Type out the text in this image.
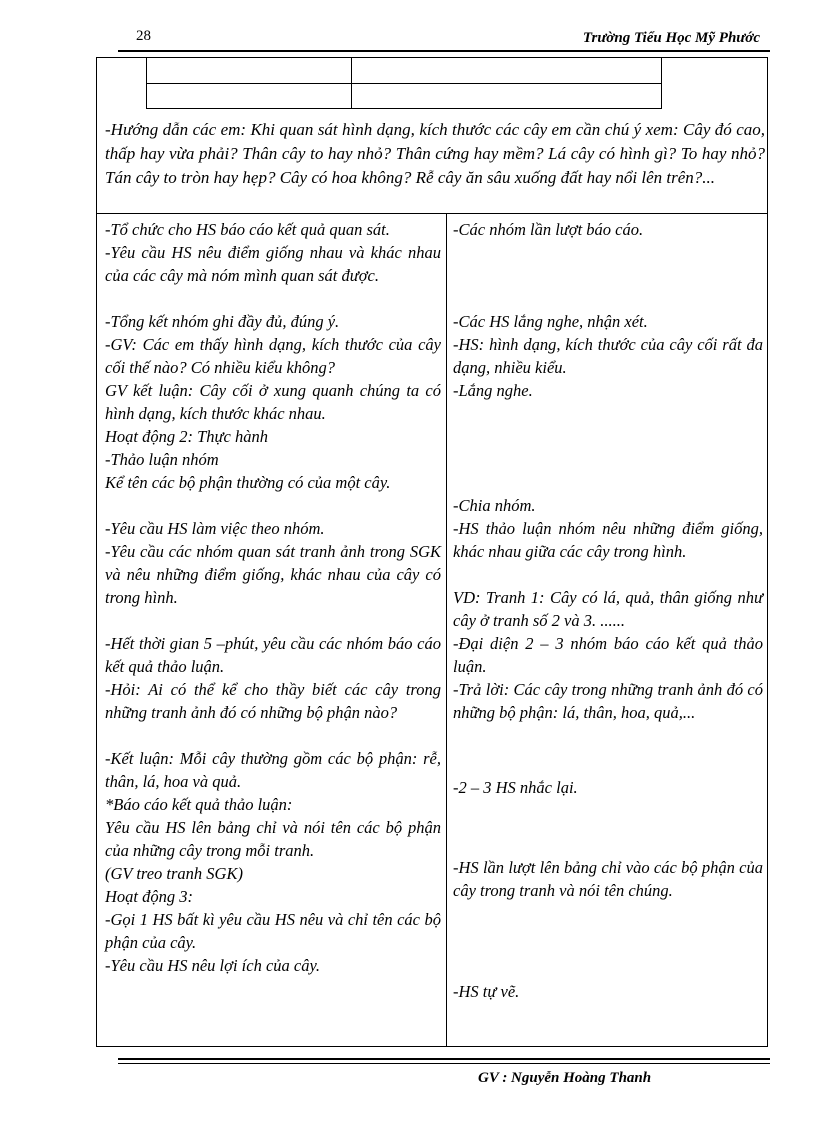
28	Trường Tiểu Học Mỹ Phước
-Hướng dẫn các em: Khi quan sát hình dạng, kích thước các cây em cần chú ý xem: Cây đó cao, thấp hay vừa phải? Thân cây to hay nhỏ? Thân cứng hay mềm? Lá cây có hình gì? To hay nhỏ? Tán cây to tròn hay hẹp? Cây có hoa không? Rễ cây ăn sâu xuống đất hay nổi lên trên?...
-Tổ chức cho HS báo cáo kết quả quan sát.
-Yêu cầu HS nêu điểm giống nhau và khác nhau của các cây mà nóm mình quan sát được.
-Tổng kết nhóm ghi đầy đủ, đúng ý.
-GV: Các em thấy hình dạng, kích thước của cây cối thế nào? Có nhiều kiểu không?
GV kết luận: Cây cối ở xung quanh chúng ta có hình dạng, kích thước khác nhau.
Hoạt động 2: Thực hành
-Thảo luận nhóm
Kể tên các bộ phận thường có của một cây.
-Yêu cầu HS làm việc theo nhóm.
-Yêu cầu các nhóm quan sát tranh ảnh trong SGK và nêu những điểm giống, khác nhau của cây có trong hình.
-Hết thời gian 5 –phút, yêu cầu các nhóm báo cáo kết quả thảo luận.
-Hỏi: Ai có thể kể cho thầy biết các cây trong những tranh ảnh đó có những bộ phận nào?
-Kết luận: Mỗi cây thường gồm các bộ phận: rễ, thân, lá, hoa và quả.
*Báo cáo kết quả thảo luận:
Yêu cầu HS lên bảng chỉ và nói tên các bộ phận của những cây trong mỗi tranh.
(GV treo tranh SGK)
Hoạt động 3:
-Gọi 1 HS bất kì yêu cầu HS nêu và chỉ tên các bộ phận của cây.
-Yêu cầu HS nêu lợi ích của cây.
-Các nhóm lần lượt báo cáo.
-Các HS lắng nghe, nhận xét.
-HS: hình dạng, kích thước của cây cối rất đa dạng, nhiều kiểu.
-Lắng nghe.
-Chia nhóm.
-HS thảo luận nhóm nêu những điểm giống, khác nhau giữa các cây trong hình.
VD: Tranh 1: Cây có lá, quả, thân giống như cây ở tranh số 2 và 3. ......
-Đại diện 2 – 3 nhóm báo cáo kết quả thảo luận.
-Trả lời: Các cây trong những tranh ảnh đó có những bộ phận: lá, thân, hoa, quả,...
-2 – 3 HS nhắc lại.
-HS lần lượt lên bảng chỉ vào các bộ phận của cây trong tranh và nói tên chúng.
-HS tự vẽ.
GV : Nguyễn Hoàng Thanh
